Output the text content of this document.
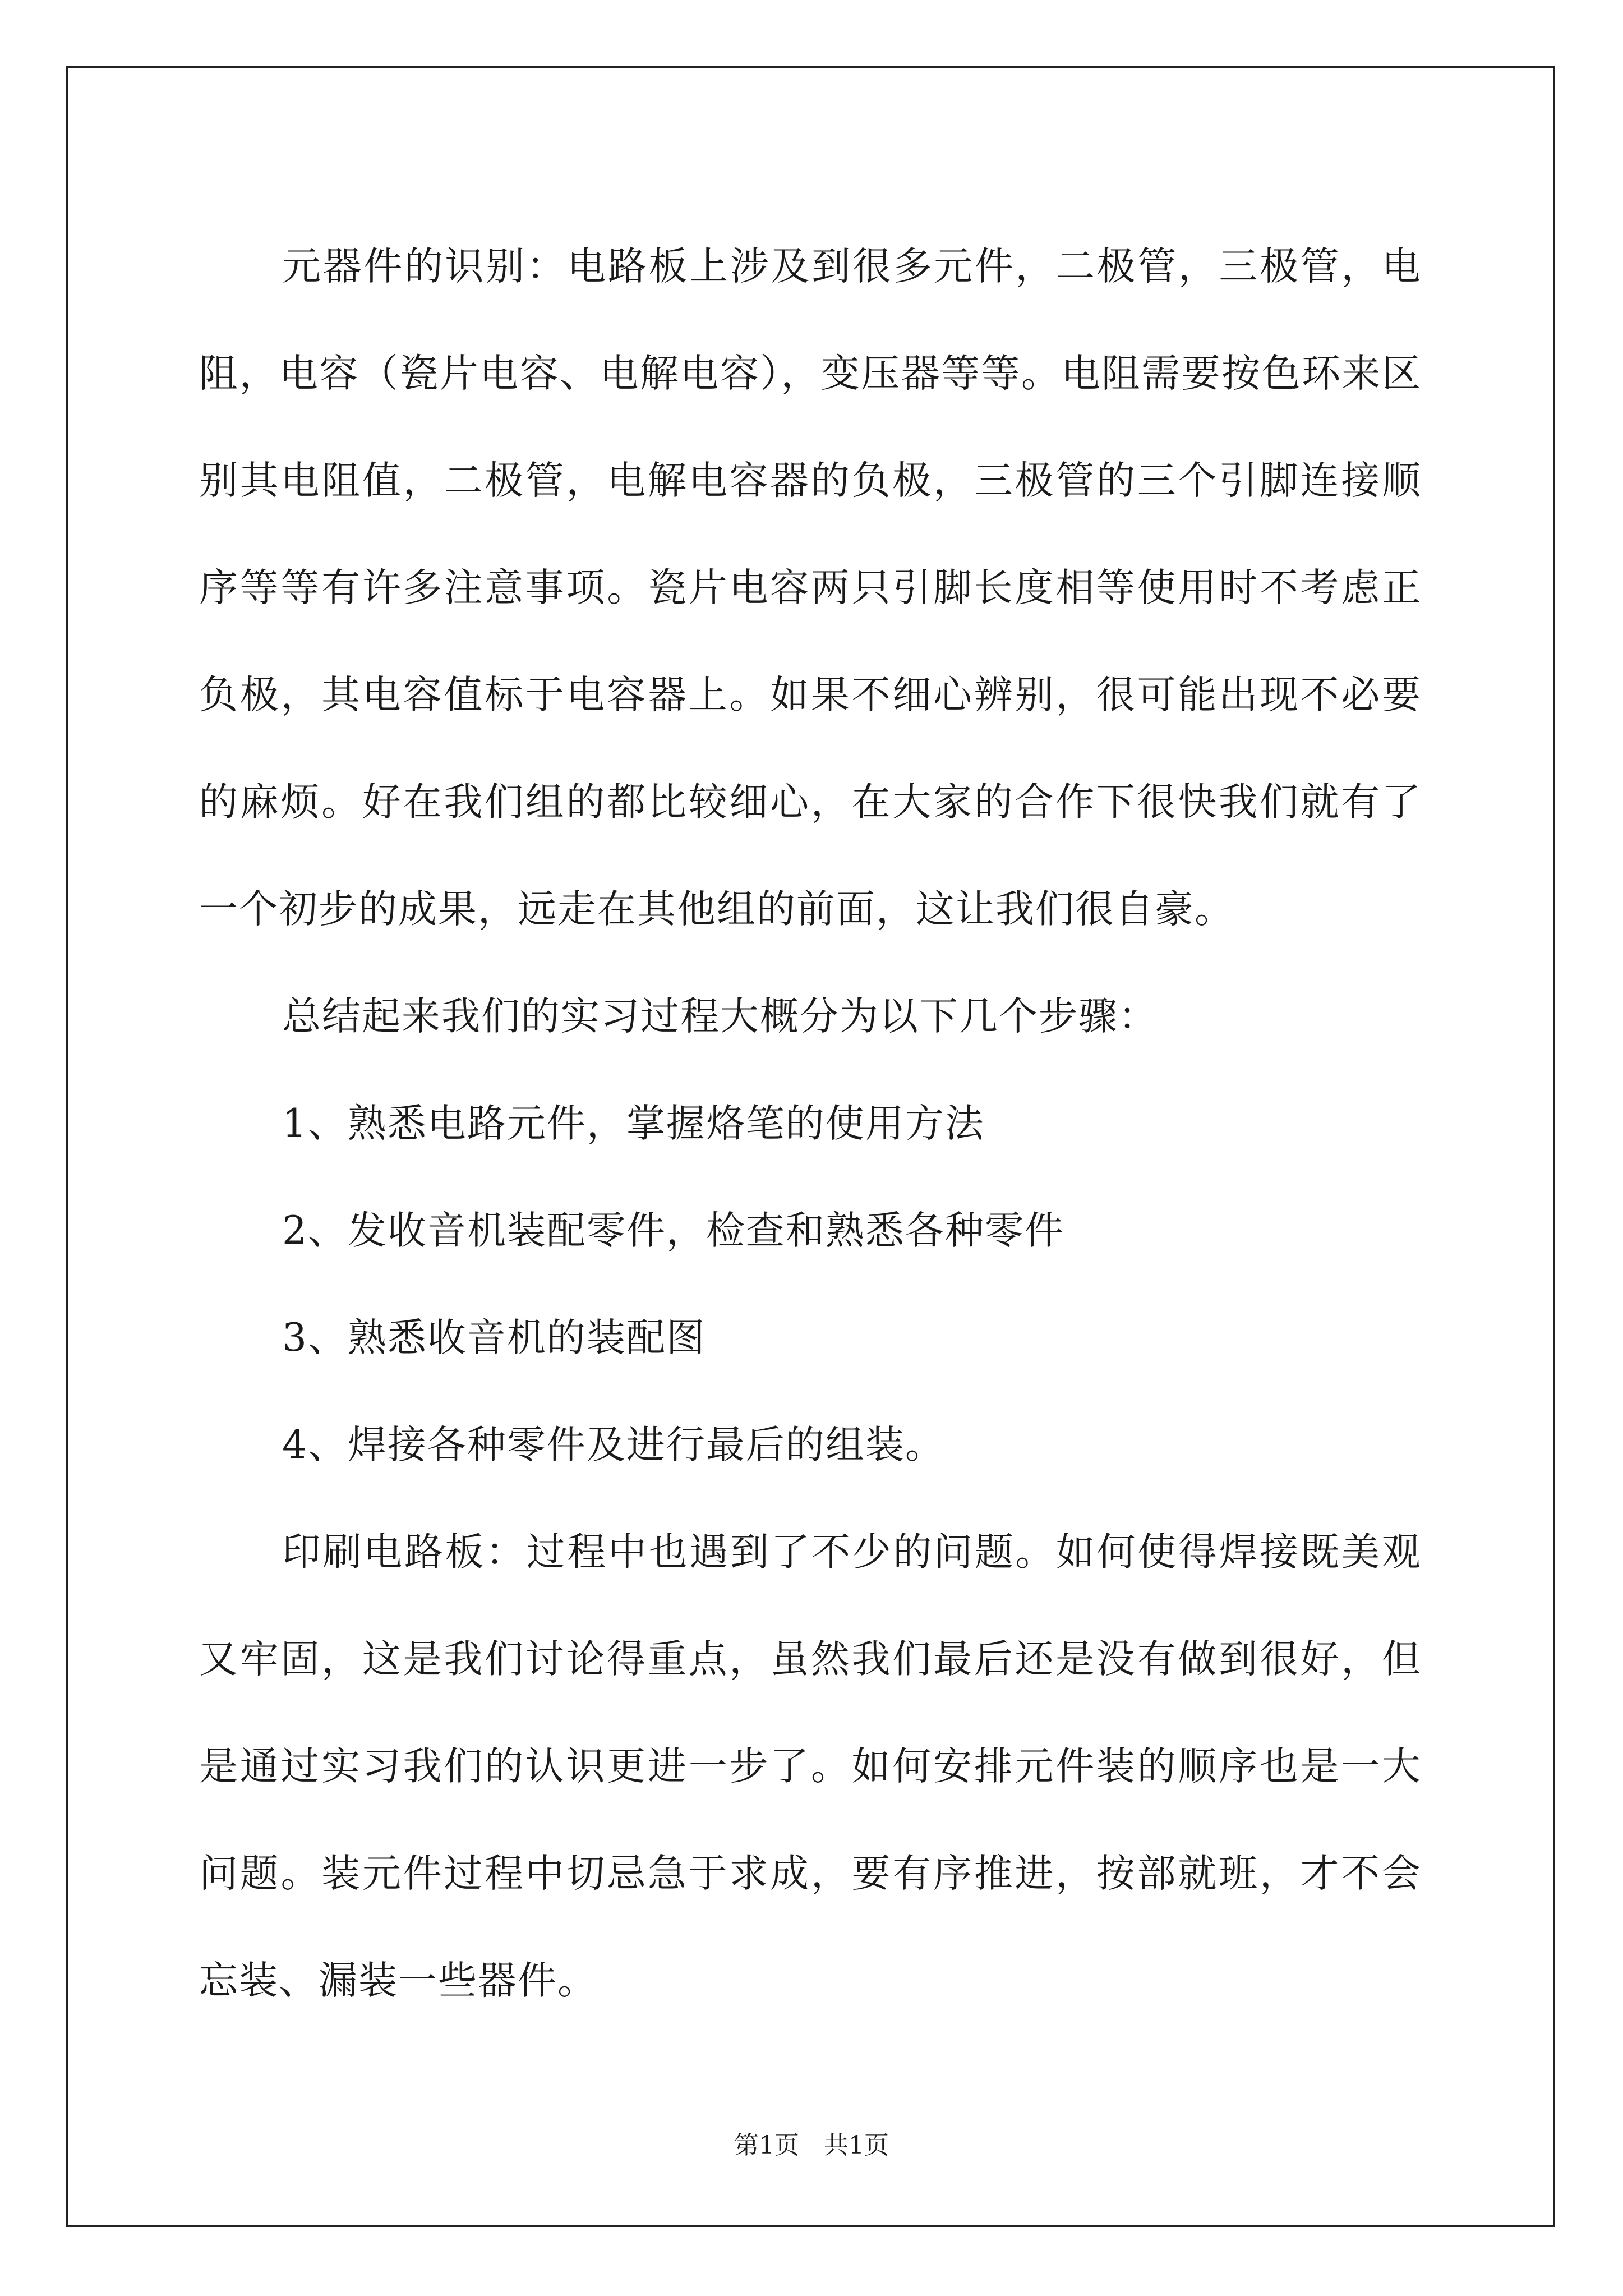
元器件的识别：电路板上涉及到很多元件，二极管，三极管，电阻，电容（瓷片电容、电解电容），变压器等等。电阻需要按色环来区别其电阻值，二极管，电解电容器的负极，三极管的三个引脚连接顺序等等有许多注意事项。瓷片电容两只引脚长度相等使用时不考虑正负极，其电容值标于电容器上。如果不细心辨别，很可能出现不必要的麻烦。好在我们组的都比较细心，在大家的合作下很快我们就有了一个初步的成果，远走在其他组的前面，这让我们很自豪。

总结起来我们的实习过程大概分为以下几个步骤：

1、熟悉电路元件，掌握烙笔的使用方法

2、发收音机装配零件，检查和熟悉各种零件

3、熟悉收音机的装配图

4、焊接各种零件及进行最后的组装。

印刷电路板：过程中也遇到了不少的问题。如何使得焊接既美观又牢固，这是我们讨论得重点，虽然我们最后还是没有做到很好，但是通过实习我们的认识更进一步了。如何安排元件装的顺序也是一大问题。装元件过程中切忌急于求成，要有序推进，按部就班，才不会忘装、漏装一些器件。

第1页　共1页
